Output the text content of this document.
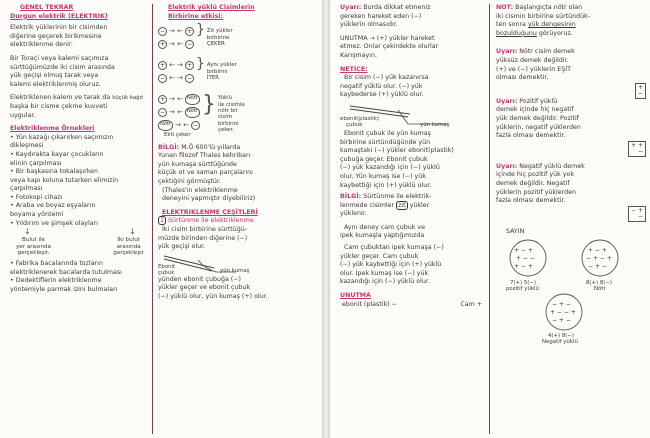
GENEL TEKRAR

Durgun elektrik (ELEKTRIK)

Elektrik yüklerinin bir cisimden

diğerine geçerek birikmesine

elektriklenme denir.

Bir Toraçi veya kalemi saçımıza

sürttüğümüzde iki cisim arasında

yük geçişi olmuş tarak veya

kalemi elektriklenmiş oluruz.

Elektriklenen kalem ve tarak da küçük kağıt

başka bir cisme çekme kuvveti

uygular.

Elektriklenme Örnekleri

• Yün kazağı çıkarırken saçımızın

dikleşmesi

• Kaydırakta kayar çocukların

elinin çarpılması

• Bir başkasına tokalaşırken

veya kapı koluna tutarken elimizin

çarpılması

• Fotokopi cihazı

• Araba ve boyaz eşyaların

boyama yöntemi

• Yıldırım ve şimşek olayları

↓	↓

Bulut ile

yer arasında

gerçekleşir.

İki bulut

arasında

gerçekleşir

• Fabrika bacalarında tozların

elektriklenerek bacalarda tutulması

• Dedektiflerin elektriklenme

yöntemiyle parmak izini bulmaları

Elektrik yüklü Cisimlerin

Birbirine etkisi:

− → ← +
+ → ← −
} Zıt yükler

birbirine

ÇEKER

+ ← → +
− ← → −
} Aynı yükler

birbirini

İTER

+ → ← Nötr
− → ← Nötr
Nötr → ← −

Ekti çeker

} Yüklü

ile cisimle

nötr bir

cisim

birbirini

çeker.

BİLGİ: M.Ö 600'lü yıllarda

Yunan filozof Thales kehribarı

yün kumaşa sürttüğünde

küçük ot ve saman parçalarını

çektiğini görmüştür.

(Thales'in elektriklenme

deneyini yapmıştır diyebiliriz)

ELEKTRIKLENME ÇEŞİTLERİ

1 Sürtünme ile elektriklenme

İki cisim birbirine sürttüğü-

müzde birinden diğerine (−)

yük geçişi olur.

Ebonit

çubuk	yün kumaş

yünden ebonit çubuğa (−)

yükler geçer ve ebonit çubuk

(−) yüklü olur, yün kumaş (+) olur.

Uyarı: Burda dikkat etmeniz

gereken hareket eden (−)

yüklerin olmasıdır.

UNUTMA → (+) yükler hareket

etmez. Onlar çekirdekte olurlar

Karışmayın.

NETİCE:

Bir cisim (−) yük kazanırsa

negatif yüklü olur. (−) yük

kaybederse (+) yüklü olur.

ebonit(plastik)

çubuk	yün kumaş

Ebonit çubuk ile yün kumaş

birbirine sürtündüğünde yün

kumaştaki (−) yükler ebonit(plastik)

çubuğa geçer. Ebonit çubuk

(−) yük kazandığı için (−) yüklü

olur. Yün kumaş ise (−) yük

kaybettiği için (+) yüklü olur.

BİLGİ: Sürtünme ile elektrik-

lenmede cisimler zıt yükler

yüklenir.

Aynı deney cam çubuk ve

ipek kumaşla yaptığımızda

Cam çubuktan ipek kumaşa (−)

yükler geçer. Cam çubuk

(−) yük kaybettiği için (+) yüklü

olur. İpek kumaş ise (−) yük

kazandığı için (−) yüklü olur.

UNUTMA

ebonit (plastik) −	Cam +

NOT: Başlangıçta nötr olan

iki cismin birbirine sürtündük-

ten sonra yük dengesinin

bozulduğunu görüyoruz.

Uyarı: Nötr cisim demek

yüksüz demek değildir.

(+) ve (−) yüklerin EŞİT

olması demektir.

+
−

Uyarı: Pozitif yüklü

demek içinde hiç negatif

yük demek değildir. Pozitif

yüklerin, negatif yüklerden

fazla olması demektir.

+ +
−

Uyarı: Negatif yüklü demek

içinde hiç pozitif yük yok

demek değildir. Negatif

yüklerin pozitif yüklerden

fazla olması demektir.

− +
−

SAYIN

+ − +
+ − −
+ − +
+ − +
− + − +
− + −
− + −
+ − − +
− + −

7(+) 5(−)

pozitif yüklü

8(+) 8(−)

Nötr

4(+) 8(−)

Negatif yüklü
